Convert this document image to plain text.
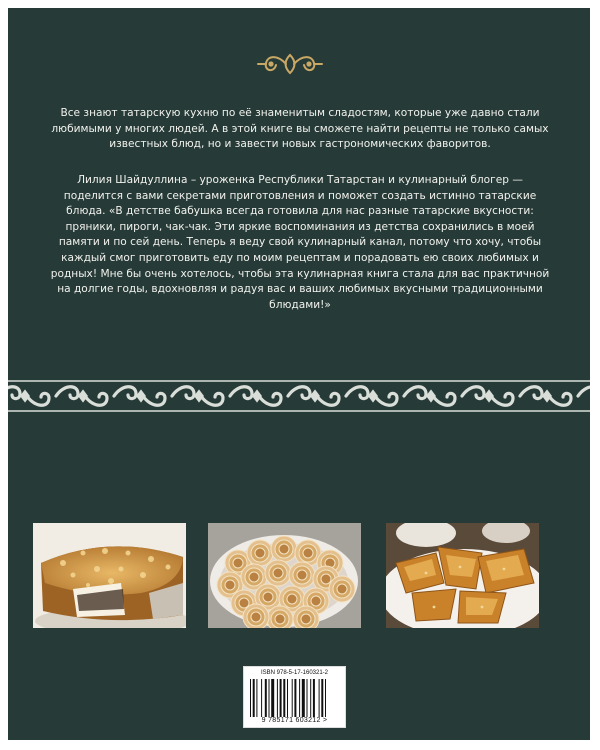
Все знают татарскую кухню по её знаменитым сладостям, которые уже давно стали любимыми у многих людей. А в этой книге вы сможете найти рецепты не только самых известных блюд, но и завести новых гастрономических фаворитов.

Лилия Шайдуллина – уроженка Республики Татарстан и кулинарный блогер — поделится с вами секретами приготовления и поможет создать истинно татарские блюда. «В детстве бабушка всегда готовила для нас разные татарские вкусности: пряники, пироги, чак-чак. Эти яркие воспоминания из детства сохранились в моей памяти и по сей день. Теперь я веду свой кулинарный канал, потому что хочу, чтобы каждый смог приготовить еду по моим рецептам и порадовать ею своих любимых и родных! Мне бы очень хотелось, чтобы эта кулинарная книга стала для вас практичной на долгие годы, вдохновляя и радуя вас и ваших любимых вкусными традиционными блюдами!»

ISBN 978-5-17-160321-2
9 785171 603212 >
